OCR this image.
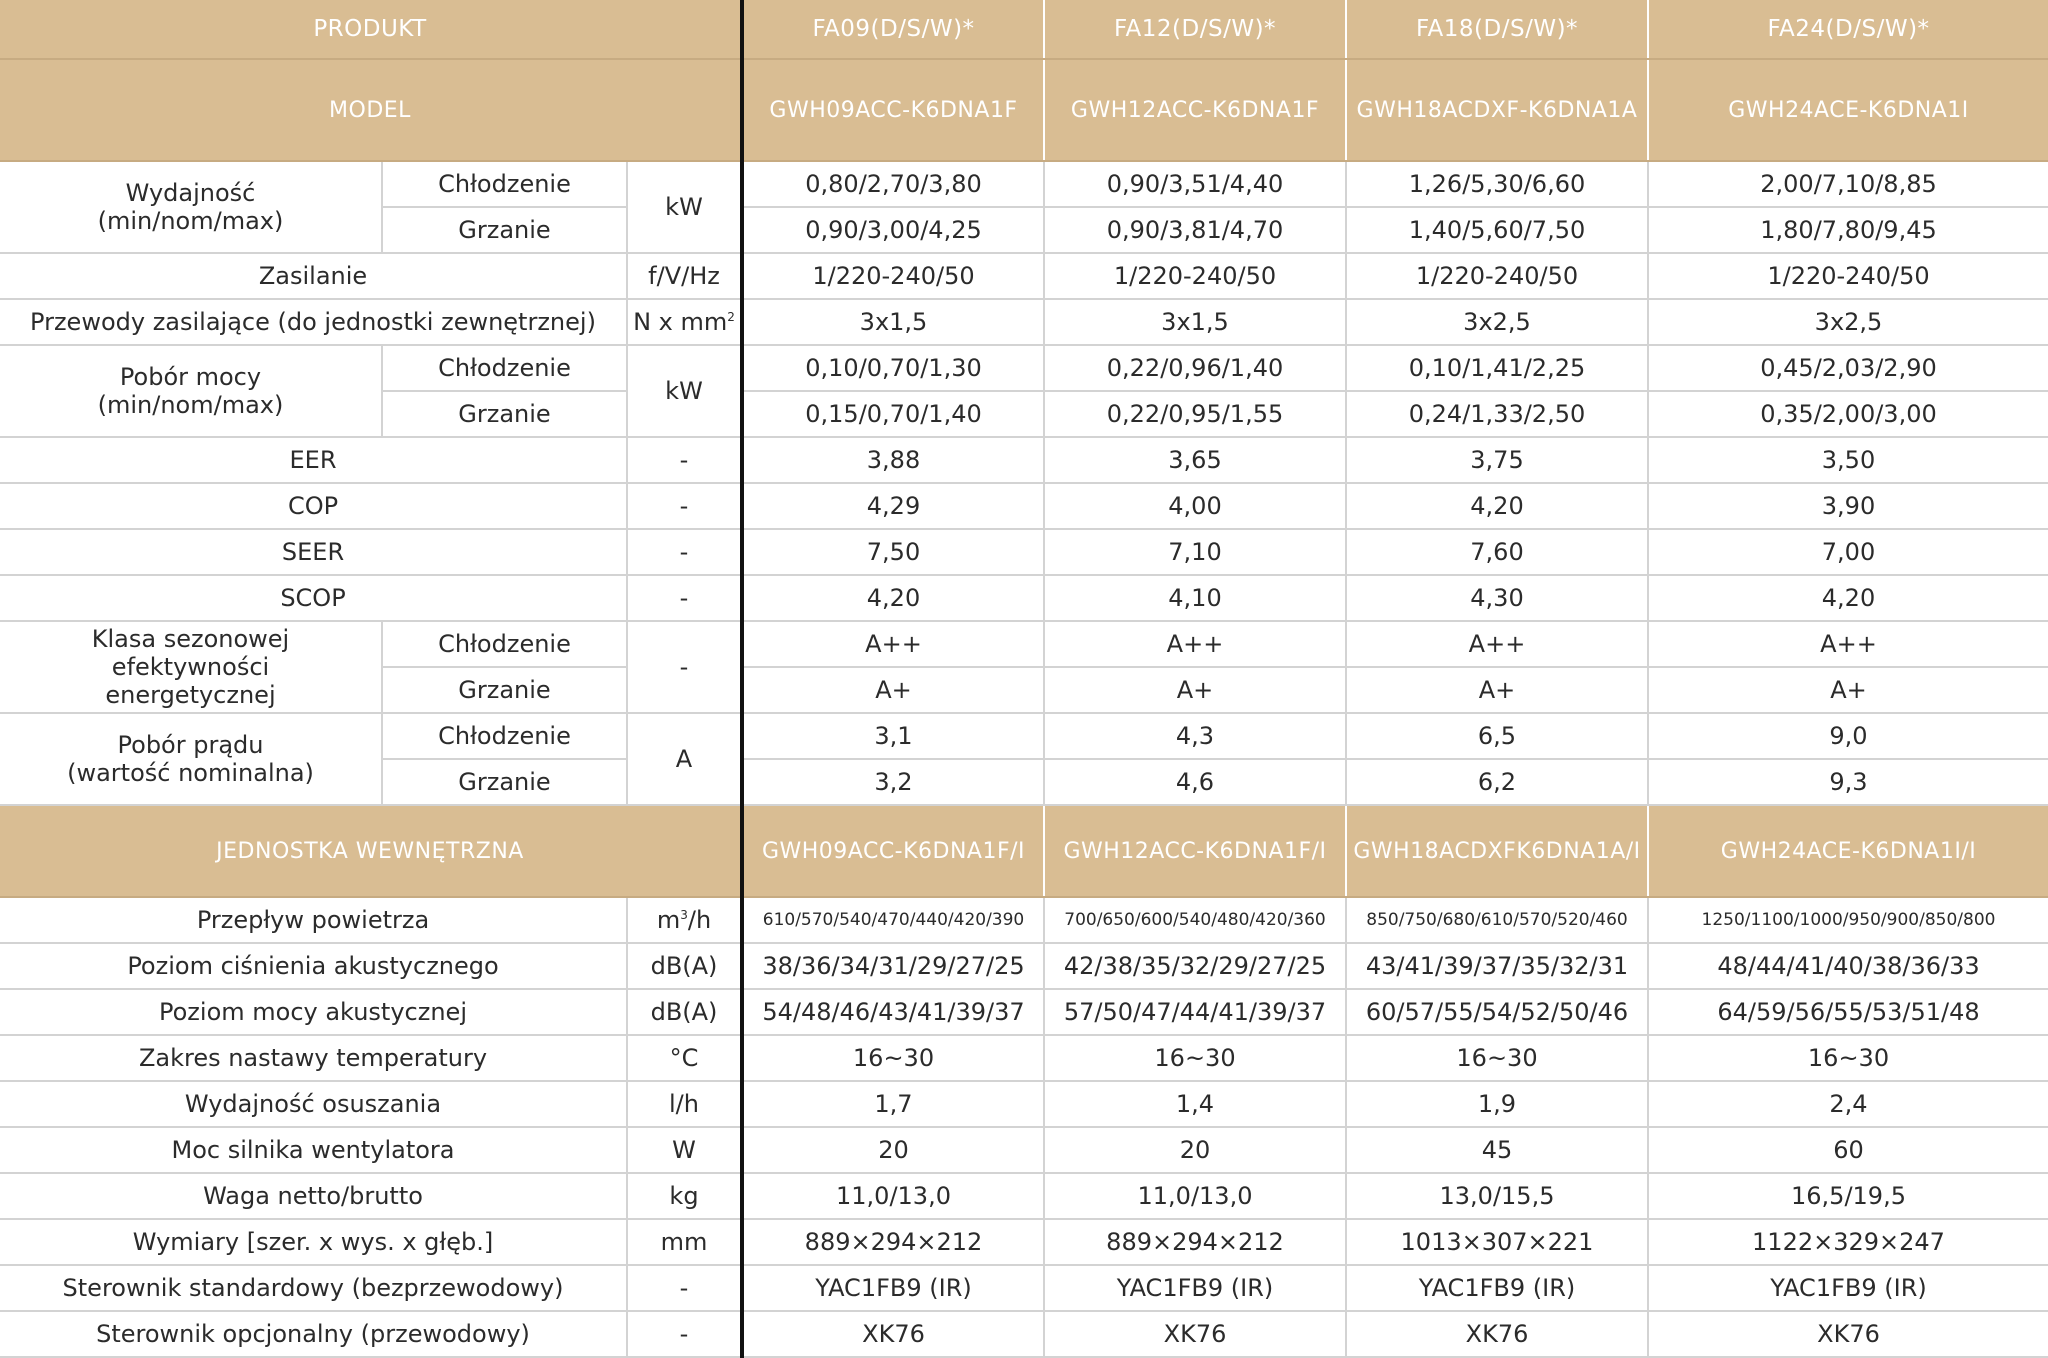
PRODUKT			FA09(D/S/W)*	FA12(D/S/W)*	FA18(D/S/W)*	FA24(D/S/W)*
MODEL			GWH09ACC-K6DNA1F	GWH12ACC-K6DNA1F	GWH18ACDXF-K6DNA1A	GWH24ACE-K6DNA1I
Wydajność
(min/nom/max)	Chłodzenie	kW	0,80/2,70/3,80	0,90/3,51/4,40	1,26/5,30/6,60	2,00/7,10/8,85
	Grzanie		0,90/3,00/4,25	0,90/3,81/4,70	1,40/5,60/7,50	1,80/7,80/9,45
Zasilanie		f/V/Hz	1/220-240/50	1/220-240/50	1/220-240/50	1/220-240/50
Przewody zasilające (do jednostki zewnętrznej)		N x $mm^2$	3x1,5	3x1,5	3x2,5	3x2,5
Pobór mocy
(min/nom/max)	Chłodzenie	kW	0,10/0,70/1,30	0,22/0,96/1,40	0,10/1,41/2,25	0,45/2,03/2,90
	Grzanie		0,15/0,70/1,40	0,22/0,95/1,55	0,24/1,33/2,50	0,35/2,00/3,00
EER		-	3,88	3,65	3,75	3,50
COP		-	4,29	4,00	4,20	3,90
SEER		-	7,50	7,10	7,60	7,00
SCOP		-	4,20	4,10	4,30	4,20
Klasa sezonowej
efektywności
energetycznej	Chłodzenie	-	A++	A++	A++	A++
	Grzanie		A+	A+	A+	A+
Pobór prądu
(wartość nominalna)	Chłodzenie	A	3,1	4,3	6,5	9,0
	Grzanie		3,2	4,6	6,2	9,3
JEDNOSTKA WEWNĘTRZNA			GWH09ACC-K6DNA1F/I	GWH12ACC-K6DNA1F/I	GWH18ACDXFK6DNA1A/I	GWH24ACE-K6DNA1I/I
Przepływ powietrza		$m^3/h$	610/570/540/470/440/420/390	700/650/600/540/480/420/360	850/750/680/610/570/520/460	1250/1100/1000/950/900/850/800
Poziom ciśnienia akustycznego		dB(A)	38/36/34/31/29/27/25	42/38/35/32/29/27/25	43/41/39/37/35/32/31	48/44/41/40/38/36/33
Poziom mocy akustycznej		dB(A)	54/48/46/43/41/39/37	57/50/47/44/41/39/37	60/57/55/54/52/50/46	64/59/56/55/53/51/48
Zakres nastawy temperatury		°C	16~30	16~30	16~30	16~30
Wydajność osuszania		l/h	1,7	1,4	1,9	2,4
Moc silnika wentylatora		W	20	20	45	60
Waga netto/brutto		kg	11,0/13,0	11,0/13,0	13,0/15,5	16,5/19,5
Wymiary [szer. x wys. x głęb.]		mm	889×294×212	889×294×212	1013×307×221	1122×329×247
Sterownik standardowy (bezprzewodowy)		-	YAC1FB9 (IR)	YAC1FB9 (IR)	YAC1FB9 (IR)	YAC1FB9 (IR)
Sterownik opcjonalny (przewodowy)		-	XK76	XK76	XK76	XK76
